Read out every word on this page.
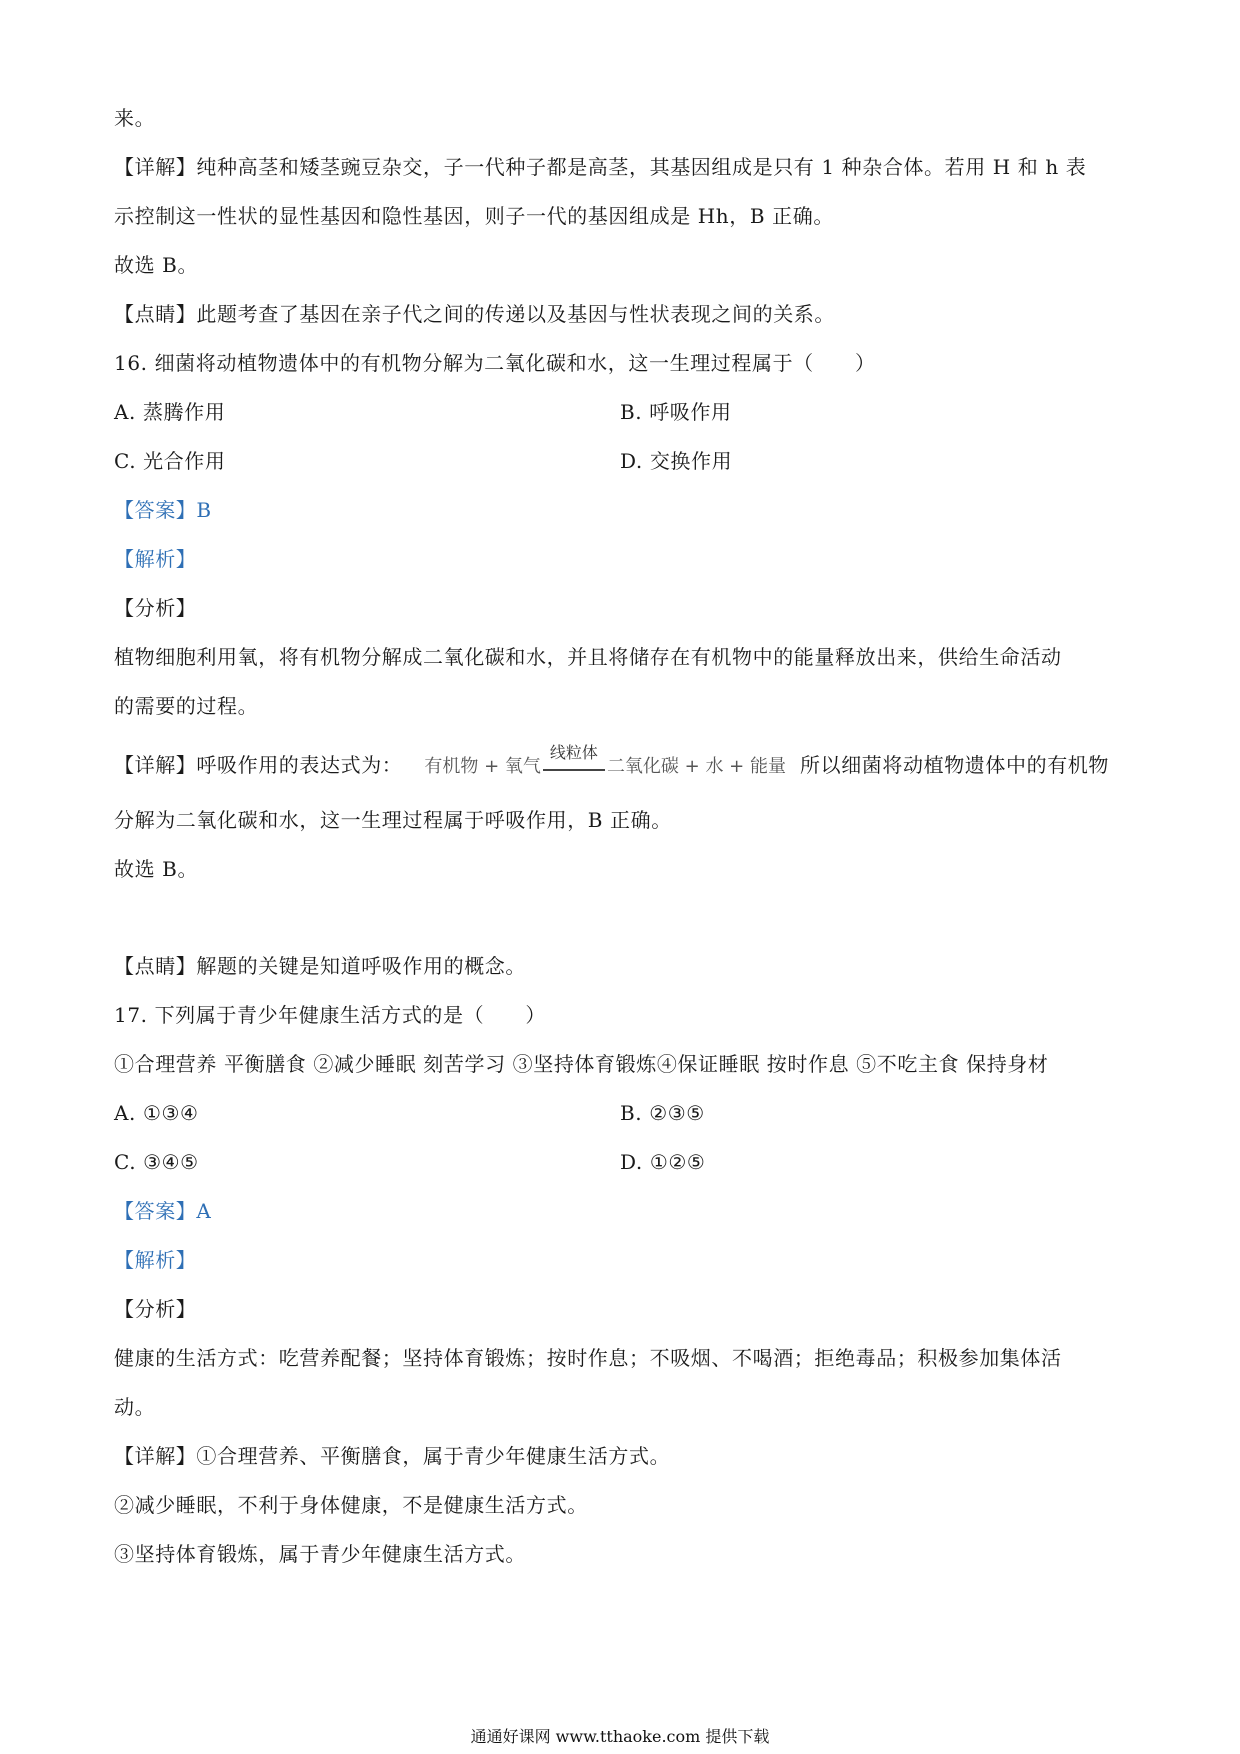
来。
【详解】纯种高茎和矮茎豌豆杂交，子一代种子都是高茎，其基因组成是只有 1 种杂合体。若用 H 和 h 表
示控制这一性状的显性基因和隐性基因，则子一代的基因组成是 Hh，B 正确。
故选 B。
【点睛】此题考查了基因在亲子代之间的传递以及基因与性状表现之间的关系。
16. 细菌将动植物遗体中的有机物分解为二氧化碳和水，这一生理过程属于（　　）
A. 蒸腾作用	B. 呼吸作用
C. 光合作用	D. 交换作用
【答案】B
【解析】
【分析】
植物细胞利用氧，将有机物分解成二氧化碳和水，并且将储存在有机物中的能量释放出来，供给生命活动
的需要的过程。
【详解】呼吸作用的表达式为： 有机物 + 氧气
线粒体
二氧化碳 + 水 + 能量 所以细菌将动植物遗体中的有机物
分解为二氧化碳和水，这一生理过程属于呼吸作用，B 正确。
故选 B。
【点睛】解题的关键是知道呼吸作用的概念。
17. 下列属于青少年健康生活方式的是（　　）
①合理营养 平衡膳食 ②减少睡眠 刻苦学习 ③坚持体育锻炼④保证睡眠 按时作息 ⑤不吃主食 保持身材
A. ①③④	B. ②③⑤
C. ③④⑤	D. ①②⑤
【答案】A
【解析】
【分析】
健康的生活方式：吃营养配餐；坚持体育锻炼；按时作息；不吸烟、不喝酒；拒绝毒品；积极参加集体活
动。
【详解】①合理营养、平衡膳食，属于青少年健康生活方式。
②减少睡眠，不利于身体健康，不是健康生活方式。
③坚持体育锻炼，属于青少年健康生活方式。
通通好课网 www.tthaoke.com 提供下载
